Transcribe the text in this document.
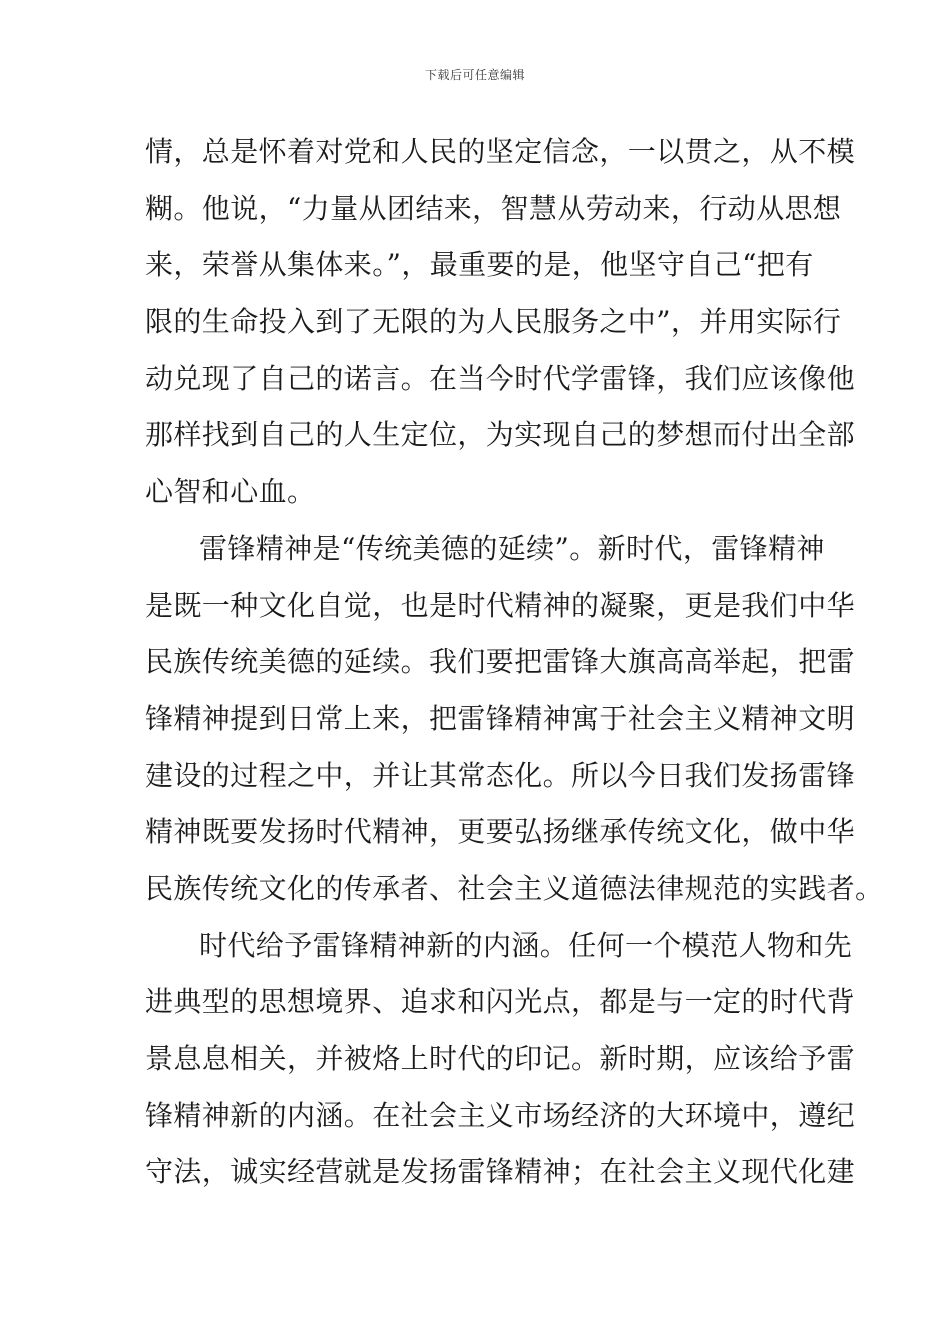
下载后可任意编辑
情，总是怀着对党和人民的坚定信念，一以贯之，从不模
糊。他说，“力量从团结来，智慧从劳动来，行动从思想
来，荣誉从集体来。”，最重要的是，他坚守自己“把有
限的生命投入到了无限的为人民服务之中”，并用实际行
动兑现了自己的诺言。在当今时代学雷锋，我们应该像他
那样找到自己的人生定位，为实现自己的梦想而付出全部
心智和心血。
雷锋精神是“传统美德的延续”。新时代，雷锋精神
是既一种文化自觉，也是时代精神的凝聚，更是我们中华
民族传统美德的延续。我们要把雷锋大旗高高举起，把雷
锋精神提到日常上来，把雷锋精神寓于社会主义精神文明
建设的过程之中，并让其常态化。所以今日我们发扬雷锋
精神既要发扬时代精神，更要弘扬继承传统文化，做中华
民族传统文化的传承者、社会主义道德法律规范的实践者。
时代给予雷锋精神新的内涵。任何一个模范人物和先
进典型的思想境界、追求和闪光点，都是与一定的时代背
景息息相关，并被烙上时代的印记。新时期，应该给予雷
锋精神新的内涵。在社会主义市场经济的大环境中，遵纪
守法，诚实经营就是发扬雷锋精神；在社会主义现代化建
